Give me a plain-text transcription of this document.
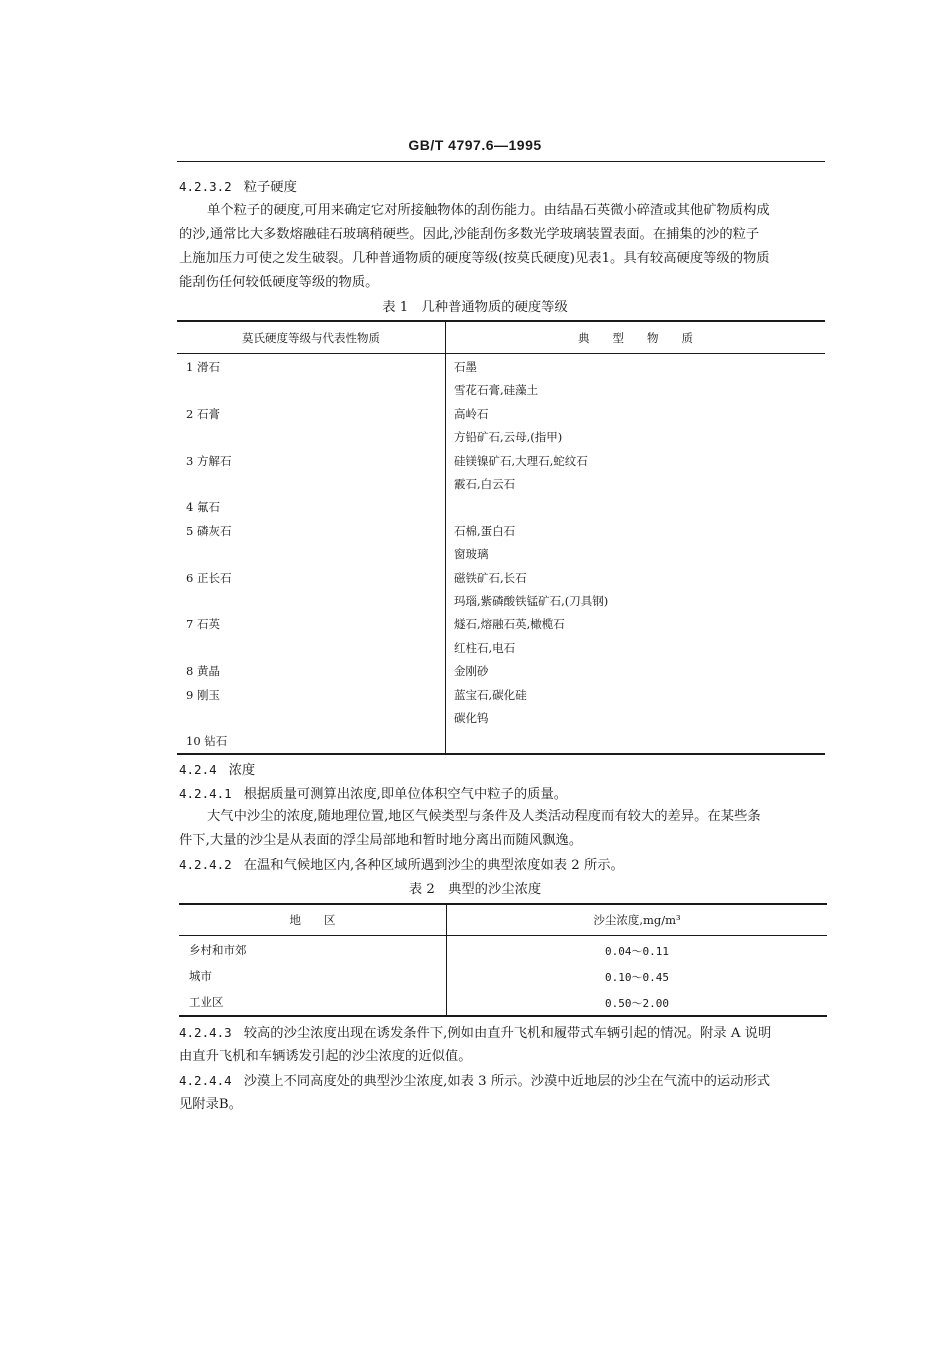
GB/T 4797.6—1995
4.2.3.2 粒子硬度
单个粒子的硬度,可用来确定它对所接触物体的刮伤能力。由结晶石英微小碎渣或其他矿物质构成
的沙,通常比大多数熔融硅石玻璃稍硬些。因此,沙能刮伤多数光学玻璃装置表面。在捕集的沙的粒子
上施加压力可使之发生破裂。几种普通物质的硬度等级(按莫氏硬度)见表1。具有较高硬度等级的物质
能刮伤任何较低硬度等级的物质。
表 1　几种普通物质的硬度等级
莫氏硬度等级与代表性物质	典　　型　　物　　质
1 滑石	石墨
雪花石膏,硅藻土
2 石膏	高岭石
方铅矿石,云母,(指甲)
3 方解石	硅镁镍矿石,大理石,蛇纹石
霰石,白云石
4 氟石
5 磷灰石	石棉,蛋白石
窗玻璃
6 正长石	磁铁矿石,长石
玛瑙,紫磷酸铁锰矿石,(刀具钢)
7 石英	燧石,熔融石英,橄榄石
红柱石,电石
8 黄晶	金刚砂
9 刚玉	蓝宝石,碳化硅
碳化钨
10 钻石
4.2.4 浓度
4.2.4.1 根据质量可测算出浓度,即单位体积空气中粒子的质量。
大气中沙尘的浓度,随地理位置,地区气候类型与条件及人类活动程度而有较大的差异。在某些条
件下,大量的沙尘是从表面的浮尘局部地和暂时地分离出而随风飘逸。
4.2.4.2 在温和气候地区内,各种区域所遇到沙尘的典型浓度如表 2 所示。
表 2　典型的沙尘浓度
地　　区	沙尘浓度,mg/m³
乡村和市郊	0.04～0.11
城市	0.10～0.45
工业区	0.50～2.00
4.2.4.3 较高的沙尘浓度出现在诱发条件下,例如由直升飞机和履带式车辆引起的情况。附录 A 说明
由直升飞机和车辆诱发引起的沙尘浓度的近似值。
4.2.4.4 沙漠上不同高度处的典型沙尘浓度,如表 3 所示。沙漠中近地层的沙尘在气流中的运动形式
见附录B。
